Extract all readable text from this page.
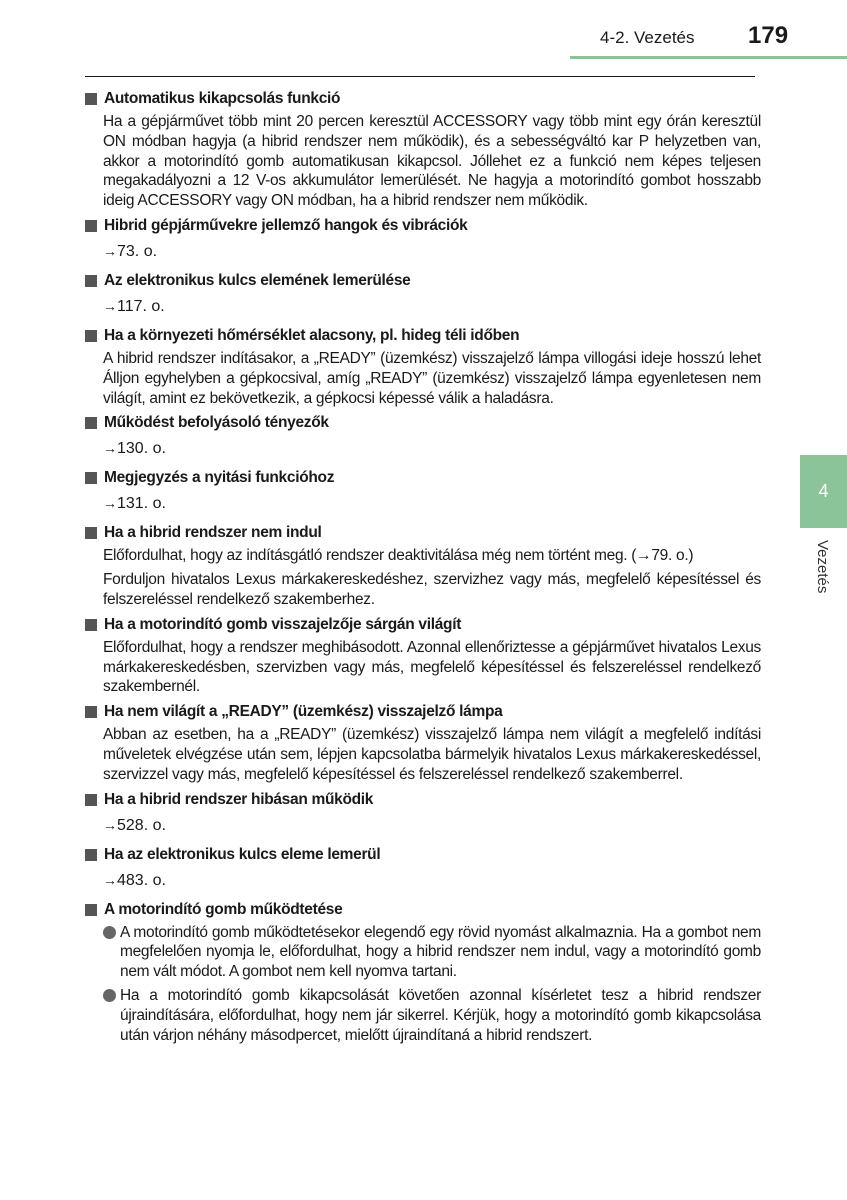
4-2. Vezetés 179
4
Vezetés
Automatikus kikapcsolás funkció
Ha a gépjárművet több mint 20 percen keresztül ACCESSORY vagy több mint egy órán keresztül ON módban hagyja (a hibrid rendszer nem működik), és a sebességváltó kar P helyzetben van, akkor a motorindító gomb automatikusan kikapcsol. Jóllehet ez a funkció nem képes teljesen megakadályozni a 12 V-os akkumulátor lemerülését. Ne hagyja a motorindító gombot hosszabb ideig ACCESSORY vagy ON módban, ha a hibrid rendszer nem működik.
Hibrid gépjárművekre jellemző hangok és vibrációk
→73. o.
Az elektronikus kulcs elemének lemerülése
→117. o.
Ha a környezeti hőmérséklet alacsony, pl. hideg téli időben
A hibrid rendszer indításakor, a „READY” (üzemkész) visszajelző lámpa villogási ideje hosszú lehet Álljon egyhelyben a gépkocsival, amíg „READY” (üzemkész) visszajelző lámpa egyenletesen nem világít, amint ez bekövetkezik, a gépkocsi képessé válik a haladásra.
Működést befolyásoló tényezők
→130. o.
Megjegyzés a nyitási funkcióhoz
→131. o.
Ha a hibrid rendszer nem indul
Előfordulhat, hogy az indításgátló rendszer deaktivitálása még nem történt meg. (→79. o.)
Forduljon hivatalos Lexus márkakereskedéshez, szervizhez vagy más, megfelelő képesítéssel és felszereléssel rendelkező szakemberhez.
Ha a motorindító gomb visszajelzője sárgán világít
Előfordulhat, hogy a rendszer meghibásodott. Azonnal ellenőriztesse a gépjárművet hivatalos Lexus márkakereskedésben, szervizben vagy más, megfelelő képesítéssel és felszereléssel rendelkező szakembernél.
Ha nem világít a „READY” (üzemkész) visszajelző lámpa
Abban az esetben, ha a „READY” (üzemkész) visszajelző lámpa nem világít a megfelelő indítási műveletek elvégzése után sem, lépjen kapcsolatba bármelyik hivatalos Lexus márkakereskedéssel, szervizzel vagy más, megfelelő képesítéssel és felszereléssel rendelkező szakemberrel.
Ha a hibrid rendszer hibásan működik
→528. o.
Ha az elektronikus kulcs eleme lemerül
→483. o.
A motorindító gomb működtetése
A motorindító gomb működtetésekor elegendő egy rövid nyomást alkalmaznia. Ha a gombot nem megfelelően nyomja le, előfordulhat, hogy a hibrid rendszer nem indul, vagy a motorindító gomb nem vált módot. A gombot nem kell nyomva tartani.
Ha a motorindító gomb kikapcsolását követően azonnal kísérletet tesz a hibrid rendszer újraindítására, előfordulhat, hogy nem jár sikerrel. Kérjük, hogy a motorindító gomb kikapcsolása után várjon néhány másodpercet, mielőtt újraindítaná a hibrid rendszert.
